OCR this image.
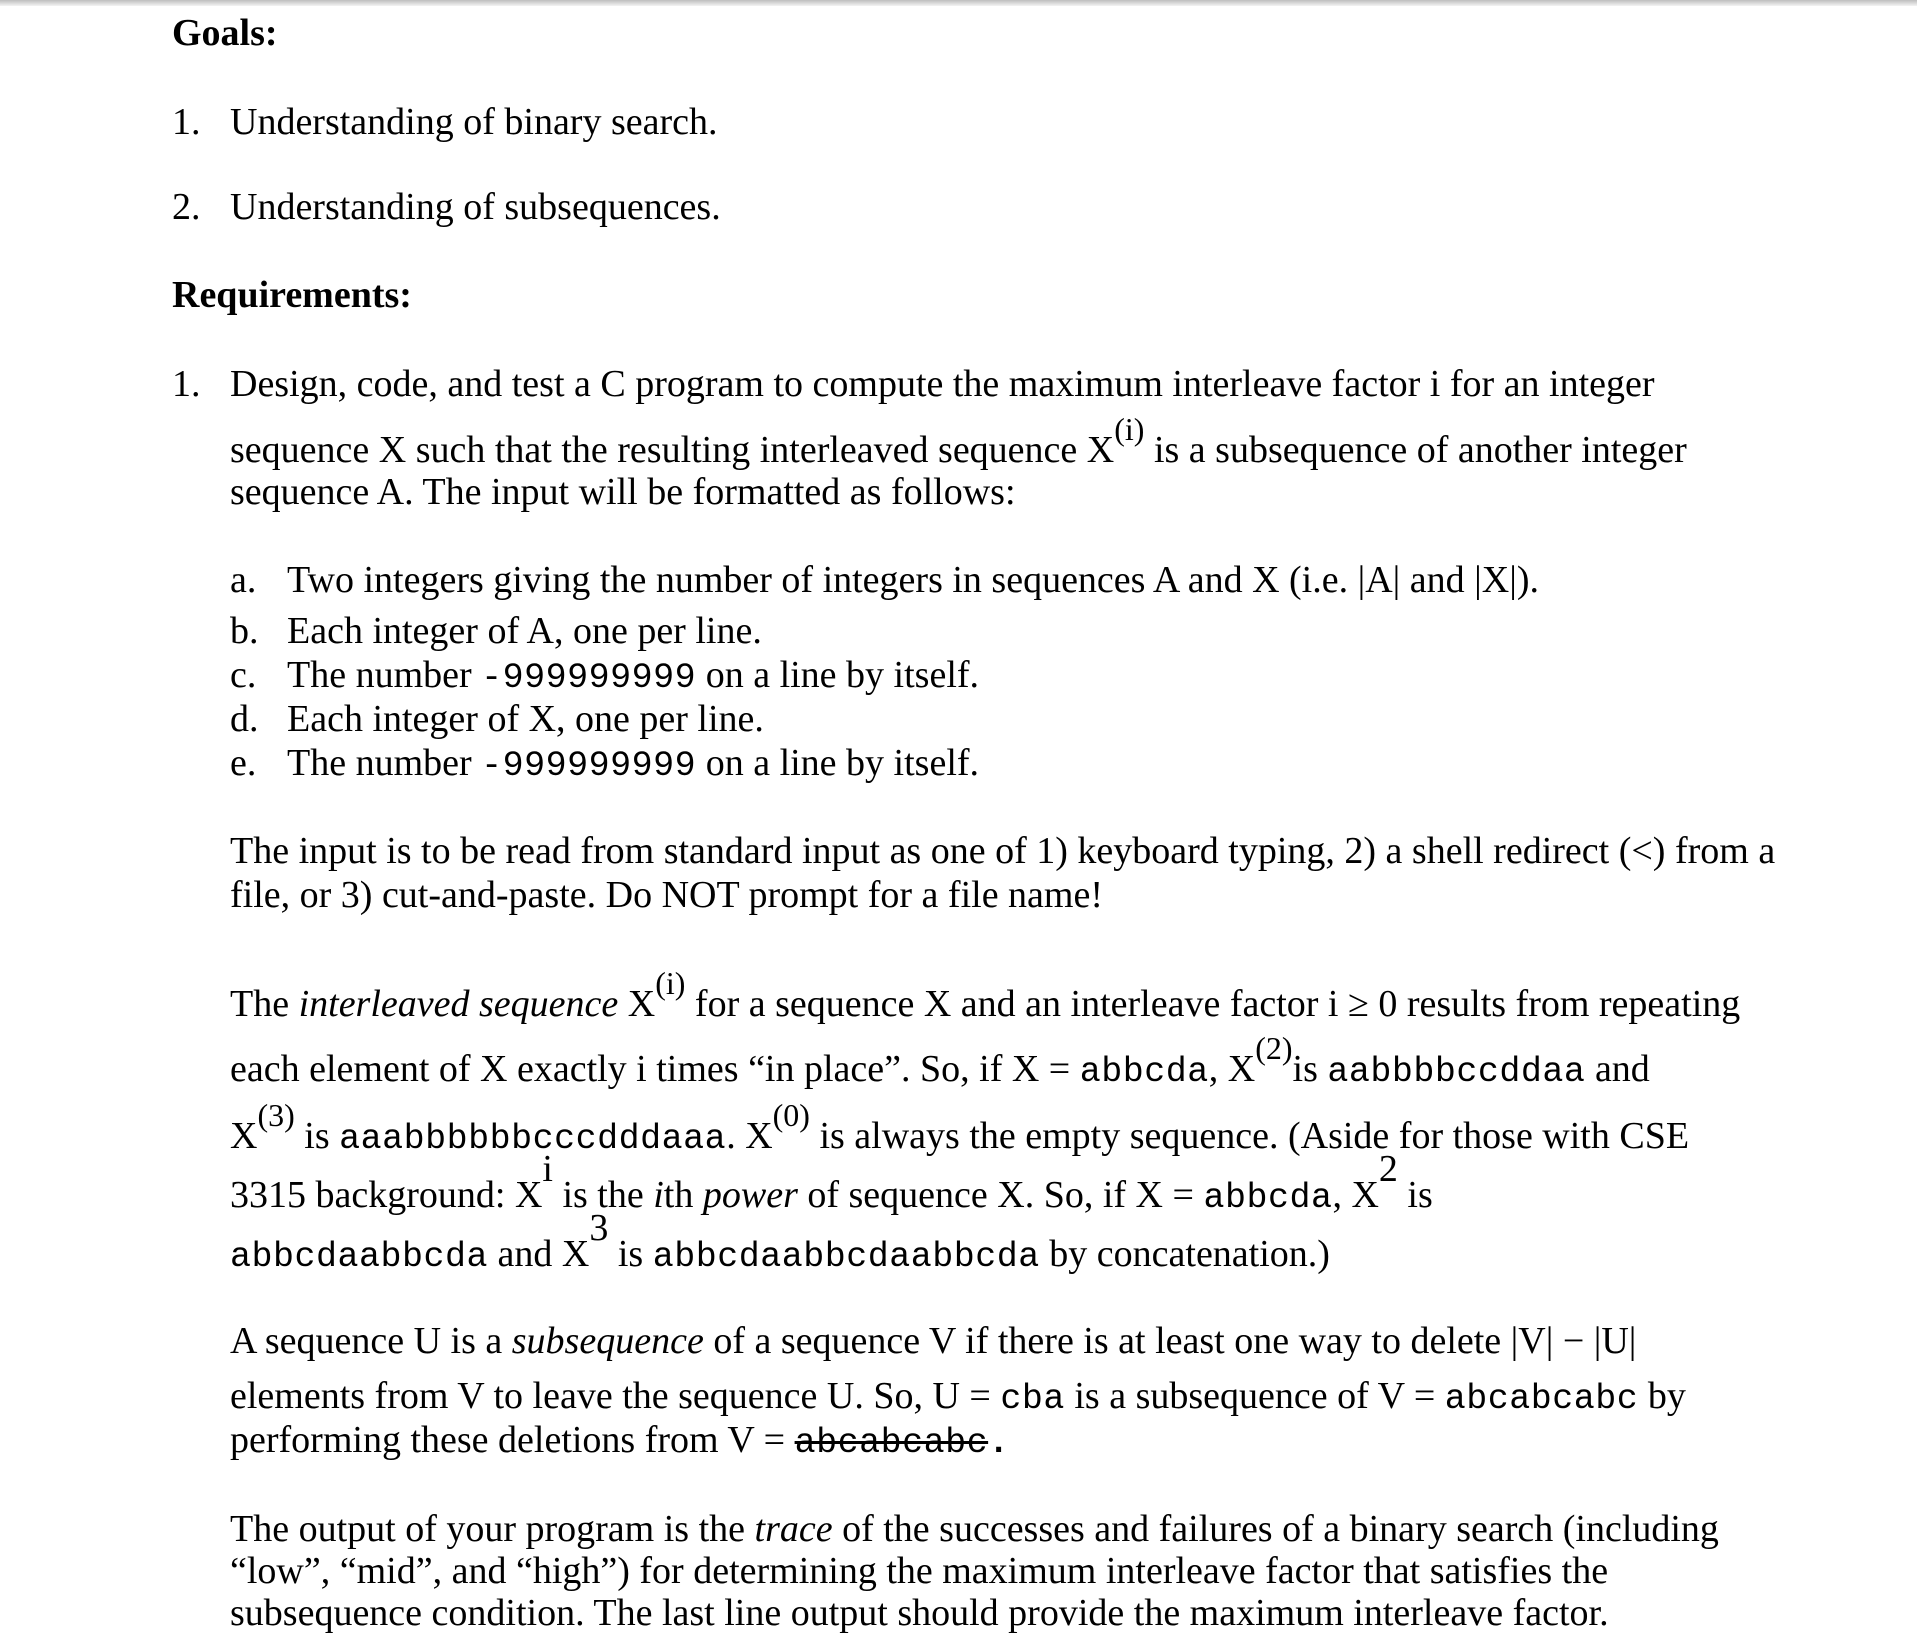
Goals:
1. Understanding of binary search.
2. Understanding of subsequences.
Requirements:
1. Design, code, and test a C program to compute the maximum interleave factor i for an integer
sequence X such that the resulting interleaved sequence $X^{(i)}$ is a subsequence of another integer
sequence A. The input will be formatted as follows:
a. Two integers giving the number of integers in sequences A and X (i.e. |A| and |X|).
b. Each integer of A, one per line.
c. The number -999999999 on a line by itself.
d. Each integer of X, one per line.
e. The number -999999999 on a line by itself.
The input is to be read from standard input as one of 1) keyboard typing, 2) a shell redirect (<) from a
file, or 3) cut-and-paste. Do NOT prompt for a file name!
The interleaved sequence $X^{(i)}$ for a sequence X and an interleave factor i ≥ 0 results from repeating
each element of X exactly i times “in place”. So, if X = abbcda, $X^{(2)}is$ aabbbbccddaa and
$X^{(3)}$ is aaabbbbbbcccdddaaa. $X^{(0)}$ is always the empty sequence. (Aside for those with CSE
3315 background: Xi is the ith power of sequence X. So, if X = abbcda, X2 is
abbcdaabbcda and X3 is abbcdaabbcdaabbcda by concatenation.)
A sequence U is a subsequence of a sequence V if there is at least one way to delete |V| − |U|
elements from V to leave the sequence U. So, U = cba is a subsequence of V = abcabcabc by
performing these deletions from V = abcabcabc.
The output of your program is the trace of the successes and failures of a binary search (including
“low”, “mid”, and “high”) for determining the maximum interleave factor that satisfies the
subsequence condition. The last line output should provide the maximum interleave factor.
